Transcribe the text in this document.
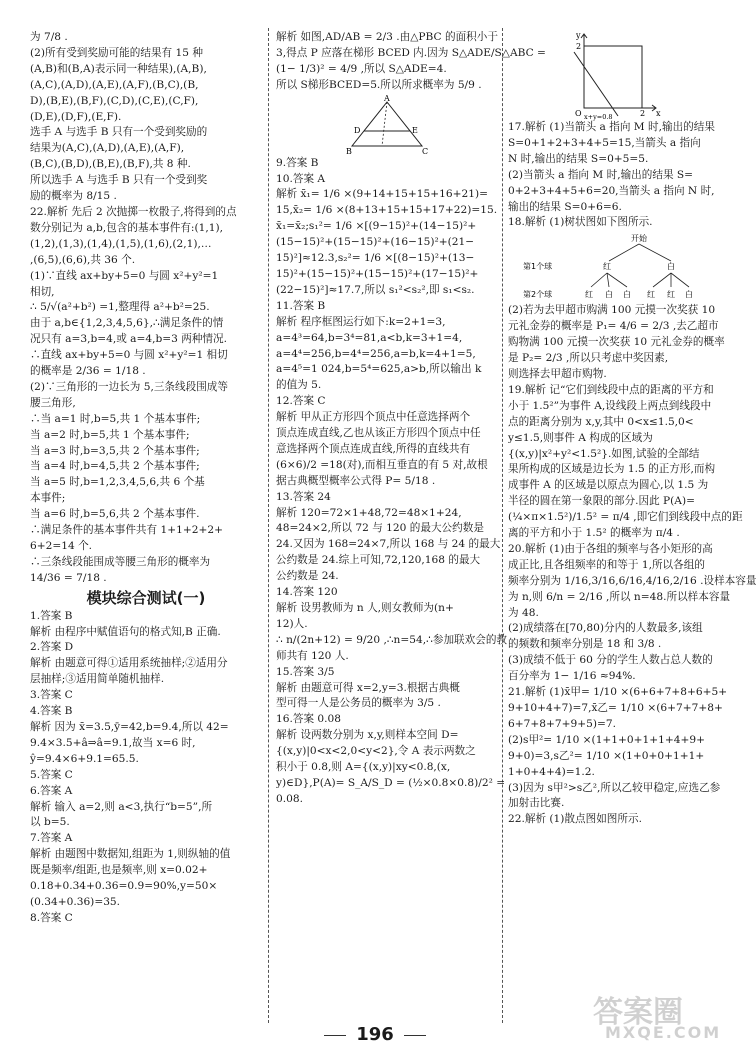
为 7/8 .
(2)所有受到奖励可能的结果有 15 种
(A,B)和(B,A)表示同一种结果),(A,B),
(A,C),(A,D),(A,E),(A,F),(B,C),(B,
D),(B,E),(B,F),(C,D),(C,E),(C,F),
(D,E),(D,F),(E,F).
选手 A 与选手 B 只有一个受到奖励的
结果为(A,C),(A,D),(A,E),(A,F),
(B,C),(B,D),(B,E),(B,F),共 8 种.
所以选手 A 与选手 B 只有一个受到奖
励的概率为 8/15 .
22.解析 先后 2 次抛掷一枚骰子,将得到的点
数分别记为 a,b,包含的基本事件有:(1,1),
(1,2),(1,3),(1,4),(1,5),(1,6),(2,1),…
,(6,5),(6,6),共 36 个.
(1)∵直线 ax+by+5=0 与圆 x²+y²=1
相切,
∴ 5/√(a²+b²) =1,整理得 a²+b²=25.
由于 a,b∈{1,2,3,4,5,6},∴满足条件的情
况只有 a=3,b=4,或 a=4,b=3 两种情况.
∴直线 ax+by+5=0 与圆 x²+y²=1 相切
的概率是 2/36 = 1/18 .
(2)∵三角形的一边长为 5,三条线段围成等
腰三角形,
∴当 a=1 时,b=5,共 1 个基本事件;
当 a=2 时,b=5,共 1 个基本事件;
当 a=3 时,b=3,5,共 2 个基本事件;
当 a=4 时,b=4,5,共 2 个基本事件;
当 a=5 时,b=1,2,3,4,5,6,共 6 个基
本事件;
当 a=6 时,b=5,6,共 2 个基本事件.
∴满足条件的基本事件共有 1+1+2+2+
6+2=14 个.
∴三条线段能围成等腰三角形的概率为
14/36 = 7/18 .
模块综合测试(一)
1.答案 B
解析 由程序中赋值语句的格式知,B 正确.
2.答案 D
解析 由题意可得①适用系统抽样;②适用分
层抽样;③适用简单随机抽样.
3.答案 C
4.答案 B
解析 因为 x̄=3.5,ȳ=42,b=9.4,所以 42=
9.4×3.5+â⇒â=9.1,故当 x=6 时,
ŷ=9.4×6+9.1=65.5.
5.答案 C
6.答案 A
解析 输入 a=2,则 a<3,执行“b=5”,所
以 b=5.
7.答案 A
解析 由题图中数据知,组距为 1,则纵轴的值
既是频率/组距,也是频率,则 x=0.02+
0.18+0.34+0.36=0.9=90%,y=50×
(0.34+0.36)=35.
8.答案 C
解析 如图,AD/AB = 2/3 .由△PBC 的面积小于
3,得点 P 应落在梯形 BCED 内.因为 S△ADE/S△ABC =
(1− 1/3)² = 4/9 ,所以 S△ADE=4.
所以 S梯形BCED=5.所以所求概率为 5/9 .
A
D	E
B	C
9.答案 B
10.答案 A
解析 x̄₁= 1/6 ×(9+14+15+15+16+21)=
15,x̄₂= 1/6 ×(8+13+15+15+17+22)=15.
x̄₁=x̄₂;s₁²= 1/6 ×[(9−15)²+(14−15)²+
(15−15)²+(15−15)²+(16−15)²+(21−
15)²]≈12.3,s₂²= 1/6 ×[(8−15)²+(13−
15)²+(15−15)²+(15−15)²+(17−15)²+
(22−15)²]≈17.7,所以 s₁²<s₂²,即 s₁<s₂.
11.答案 B
解析 程序框图运行如下:k=2+1=3,
a=4³=64,b=3⁴=81,a<b,k=3+1=4,
a=4⁴=256,b=4⁴=256,a=b,k=4+1=5,
a=4⁵=1 024,b=5⁴=625,a>b,所以输出 k
的值为 5.
12.答案 C
解析 甲从正方形四个顶点中任意选择两个
顶点连成直线,乙也从该正方形四个顶点中任
意选择两个顶点连成直线,所得的直线共有
(6×6)/2 =18(对),而相互垂直的有 5 对,故根
据古典概型概率公式得 P= 5/18 .
13.答案 24
解析 120=72×1+48,72=48×1+24,
48=24×2,所以 72 与 120 的最大公约数是
24.又因为 168=24×7,所以 168 与 24 的最大
公约数是 24.综上可知,72,120,168 的最大
公约数是 24.
14.答案 120
解析 设男教师为 n 人,则女教师为(n+
12)人.
∴ n/(2n+12) = 9/20 ,∴n=54,∴参加联欢会的教
师共有 120 人.
15.答案 3/5
解析 由题意可得 x=2,y=3.根据古典概
型可得一人是公务员的概率为 3/5 .
16.答案 0.08
解析 设两数分别为 x,y,则样本空间 D=
{(x,y)|0<x<2,0<y<2},令 A 表示两数之
积小于 0.8,则 A={(x,y)|xy<0.8,(x,
y)∈D},P(A)= S_A/S_D = (½×0.8×0.8)/2² =
0.08.
y
2
O	2 x
x+y=0.8
17.解析 (1)当箭头 a 指向 M 时,输出的结果
S=0+1+2+3+4+5=15,当箭头 a 指向
N 时,输出的结果 S=0+5=5.
(2)当箭头 a 指向 M 时,输出的结果 S=
0+2+3+4+5+6=20,当箭头 a 指向 N 时,
输出的结果 S=0+6=6.
18.解析 (1)树状图如下图所示.
开始
第1个球	红	白
第2个球	红 白 白 红 红 白
(2)若为去甲超市购满 100 元摸一次奖获 10
元礼金券的概率是 P₁= 4/6 = 2/3 ,去乙超市
购物满 100 元摸一次奖获 10 元礼金券的概率
是 P₂= 2/3 ,所以只考虑中奖因素,
则选择去甲超市购物.
19.解析 记“它们到线段中点的距离的平方和
小于 1.5²”为事件 A,设线段上两点到线段中
点的距离分别为 x,y,其中 0<x≤1.5,0<
y≤1.5,则事件 A 构成的区域为
{(x,y)|x²+y²<1.5²}.如图,试验的全部结
果所构成的区域是边长为 1.5 的正方形,而构
成事件 A 的区域是以原点为圆心,以 1.5 为
半径的圆在第一象限的部分.因此 P(A)=
(¼×π×1.5²)/1.5² = π/4 ,即它们到线段中点的距
离的平方和小于 1.5² 的概率为 π/4 .
20.解析 (1)由于各组的频率与各小矩形的高
成正比,且各组频率的和等于 1,所以各组的
频率分别为 1/16,3/16,6/16,4/16,2/16 .设样本容量
为 n,则 6/n = 2/16 ,所以 n=48.所以样本容量
为 48.
(2)成绩落在[70,80)分内的人数最多,该组
的频数和频率分别是 18 和 3/8 .
(3)成绩不低于 60 分的学生人数占总人数的
百分率为 1− 1/16 ≈94%.
21.解析 (1)x̄甲= 1/10 ×(6+6+7+8+6+5+
9+10+4+7)=7,x̄乙= 1/10 ×(6+7+7+8+
6+7+8+7+9+5)=7.
(2)s甲²= 1/10 ×(1+1+0+1+1+4+9+
9+0)=3,s乙²= 1/10 ×(1+0+0+1+1+
1+0+4+4)=1.2.
(3)因为 s甲²>s乙²,所以乙较甲稳定,应选乙参
加射击比赛.
22.解析 (1)散点图如图所示.
196
答案圈
MXQE.COM
